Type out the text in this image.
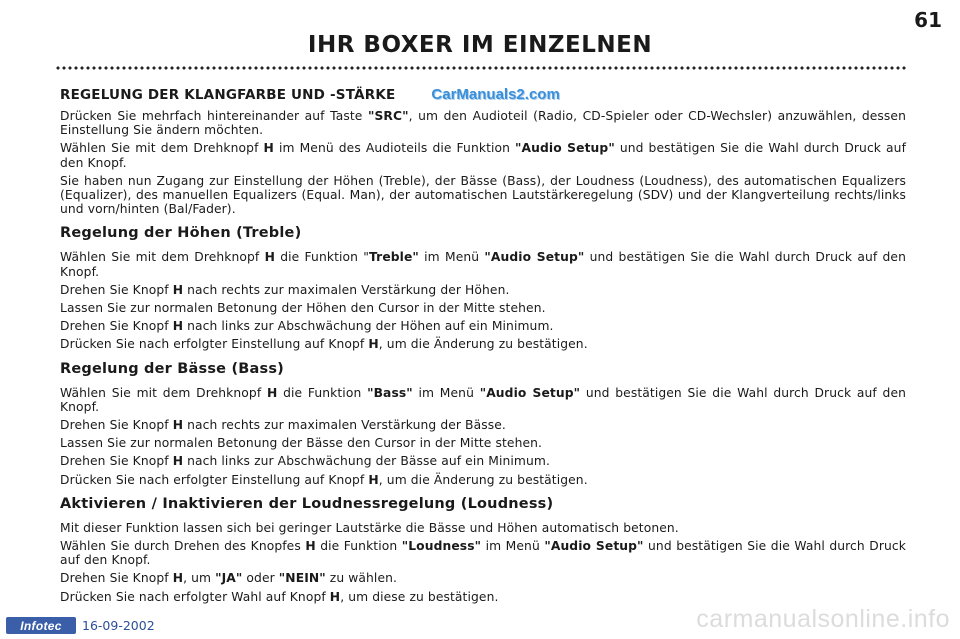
61
IHR BOXER IM EINZELNEN
REGELUNG DER KLANGFARBE UND -STÄRKE CarManuals2.com

Drücken Sie mehrfach hintereinander auf Taste "SRC", um den Audioteil (Radio, CD-Spieler oder CD-Wechsler) anzuwählen, dessen Einstellung Sie ändern möchten.

Wählen Sie mit dem Drehknopf H im Menü des Audioteils die Funktion "Audio Setup" und bestätigen Sie die Wahl durch Druck auf den Knopf.

Sie haben nun Zugang zur Einstellung der Höhen (Treble), der Bässe (Bass), der Loudness (Loudness), des automatischen Equalizers (Equalizer), des manuellen Equalizers (Equal. Man), der automatischen Lautstärkeregelung (SDV) und der Klangverteilung rechts/links und vorn/hinten (Bal/Fader).

Regelung der Höhen (Treble)

Wählen Sie mit dem Drehknopf H die Funktion "Treble" im Menü "Audio Setup" und bestätigen Sie die Wahl durch Druck auf den Knopf.

Drehen Sie Knopf H nach rechts zur maximalen Verstärkung der Höhen.

Lassen Sie zur normalen Betonung der Höhen den Cursor in der Mitte stehen.

Drehen Sie Knopf H nach links zur Abschwächung der Höhen auf ein Minimum.

Drücken Sie nach erfolgter Einstellung auf Knopf H, um die Änderung zu bestätigen.

Regelung der Bässe (Bass)

Wählen Sie mit dem Drehknopf H die Funktion "Bass" im Menü "Audio Setup" und bestätigen Sie die Wahl durch Druck auf den Knopf.

Drehen Sie Knopf H nach rechts zur maximalen Verstärkung der Bässe.

Lassen Sie zur normalen Betonung der Bässe den Cursor in der Mitte stehen.

Drehen Sie Knopf H nach links zur Abschwächung der Bässe auf ein Minimum.

Drücken Sie nach erfolgter Einstellung auf Knopf H, um die Änderung zu bestätigen.

Aktivieren / Inaktivieren der Loudnessregelung (Loudness)

Mit dieser Funktion lassen sich bei geringer Lautstärke die Bässe und Höhen automatisch betonen.

Wählen Sie durch Drehen des Knopfes H die Funktion "Loudness" im Menü "Audio Setup" und bestätigen Sie die Wahl durch Druck auf den Knopf.

Drehen Sie Knopf H, um "JA" oder "NEIN" zu wählen.

Drücken Sie nach erfolgter Wahl auf Knopf H, um diese zu bestätigen.

Infotec 16-09-2002	carmanualsonline.info
